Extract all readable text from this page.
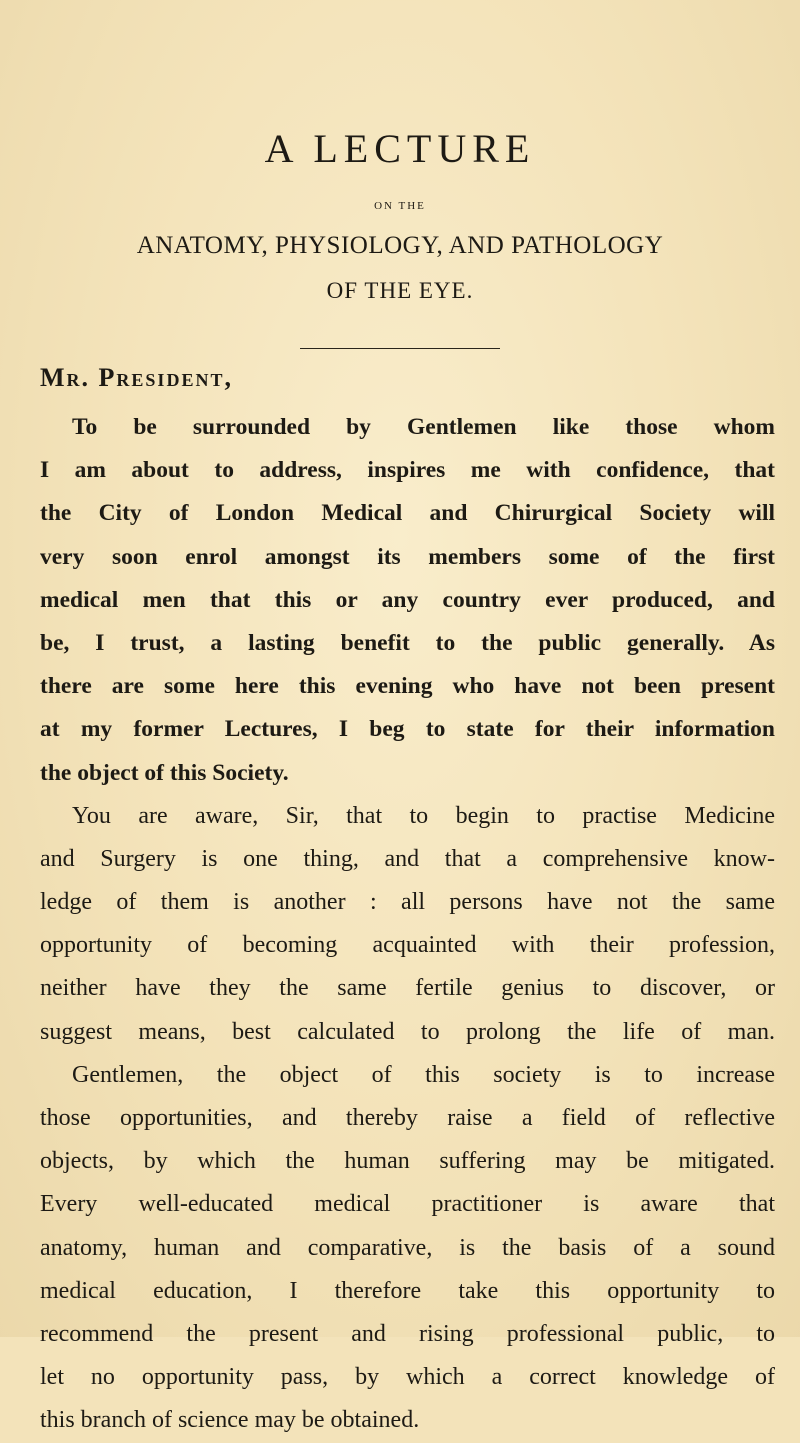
A LECTURE
ON THE
ANATOMY, PHYSIOLOGY, AND PATHOLOGY
OF THE EYE.
Mr. President,
To be surrounded by Gentlemen like those whom
I am about to address, inspires me with confidence, that
the City of London Medical and Chirurgical Society will
very soon enrol amongst its members some of the first
medical men that this or any country ever produced, and
be, I trust, a lasting benefit to the public generally. As
there are some here this evening who have not been present
at my former Lectures, I beg to state for their information
the object of this Society.
You are aware, Sir, that to begin to practise Medicine
and Surgery is one thing, and that a comprehensive know-
ledge of them is another : all persons have not the same
opportunity of becoming acquainted with their profession,
neither have they the same fertile genius to discover, or
suggest means, best calculated to prolong the life of man.
Gentlemen, the object of this society is to increase
those opportunities, and thereby raise a field of reflective
objects, by which the human suffering may be mitigated.
Every well-educated medical practitioner is aware that
anatomy, human and comparative, is the basis of a sound
medical education, I therefore take this opportunity to
recommend the present and rising professional public, to
let no opportunity pass, by which a correct knowledge of
this branch of science may be obtained.
